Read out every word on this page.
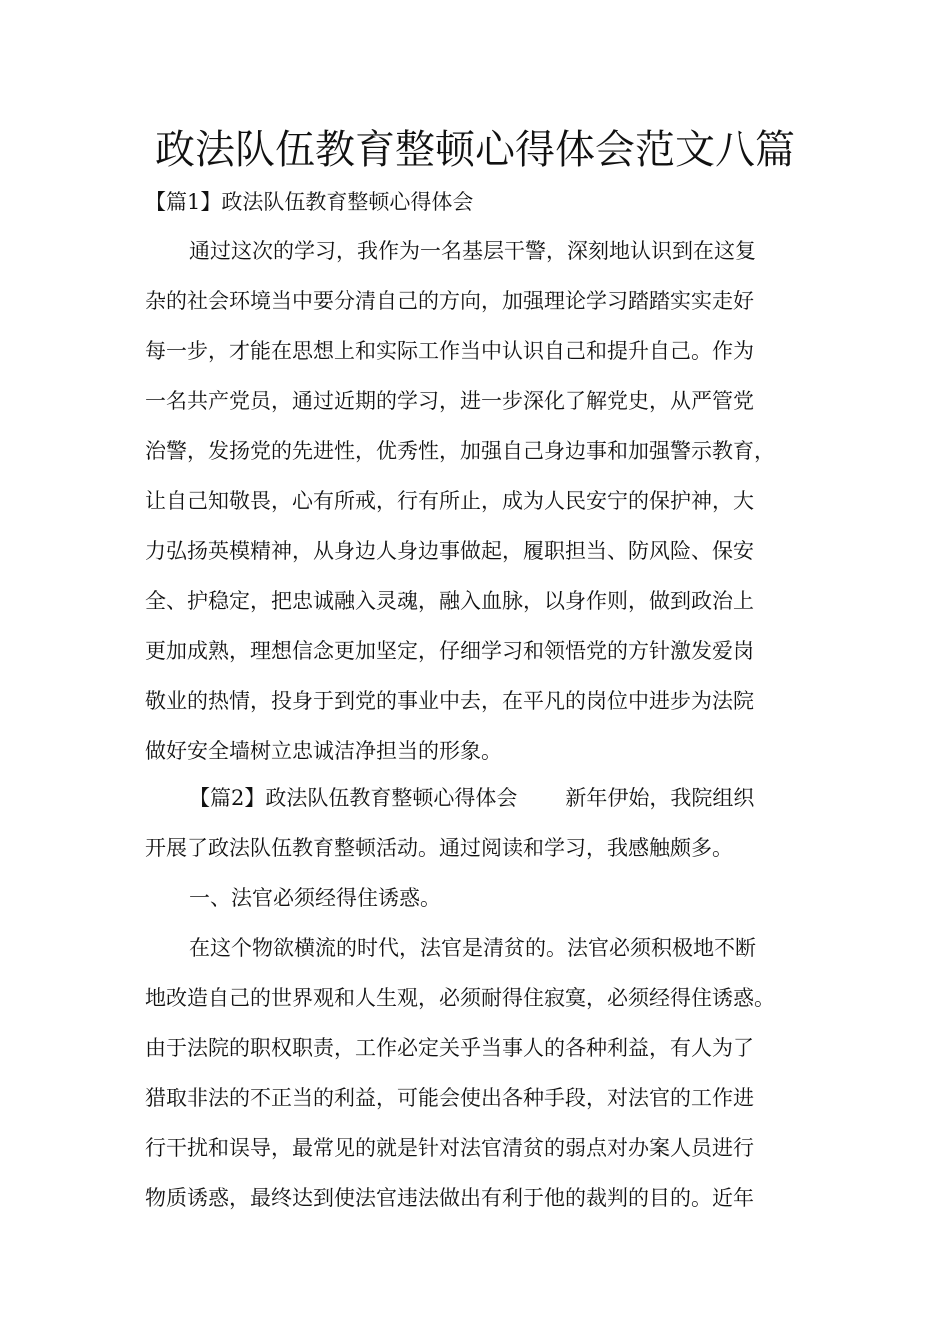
政法队伍教育整顿心得体会范文八篇
【篇1】政法队伍教育整顿心得体会
通过这次的学习，我作为一名基层干警，深刻地认识到在这复
杂的社会环境当中要分清自己的方向，加强理论学习踏踏实实走好
每一步，才能在思想上和实际工作当中认识自己和提升自己。作为
一名共产党员，通过近期的学习，进一步深化了解党史，从严管党
治警，发扬党的先进性，优秀性，加强自己身边事和加强警示教育，
让自己知敬畏，心有所戒，行有所止，成为人民安宁的保护神，大
力弘扬英模精神，从身边人身边事做起，履职担当、防风险、保安
全、护稳定，把忠诚融入灵魂，融入血脉，以身作则，做到政治上
更加成熟，理想信念更加坚定，仔细学习和领悟党的方针激发爱岗
敬业的热情，投身于到党的事业中去，在平凡的岗位中进步为法院
做好安全墙树立忠诚洁净担当的形象。
【篇2】政法队伍教育整顿心得体会 新年伊始，我院组织
开展了政法队伍教育整顿活动。通过阅读和学习，我感触颇多。
一、法官必须经得住诱惑。
在这个物欲横流的时代，法官是清贫的。法官必须积极地不断
地改造自己的世界观和人生观，必须耐得住寂寞，必须经得住诱惑。
由于法院的职权职责，工作必定关乎当事人的各种利益，有人为了
猎取非法的不正当的利益，可能会使出各种手段，对法官的工作进
行干扰和误导，最常见的就是针对法官清贫的弱点对办案人员进行
物质诱惑，最终达到使法官违法做出有利于他的裁判的目的。近年
